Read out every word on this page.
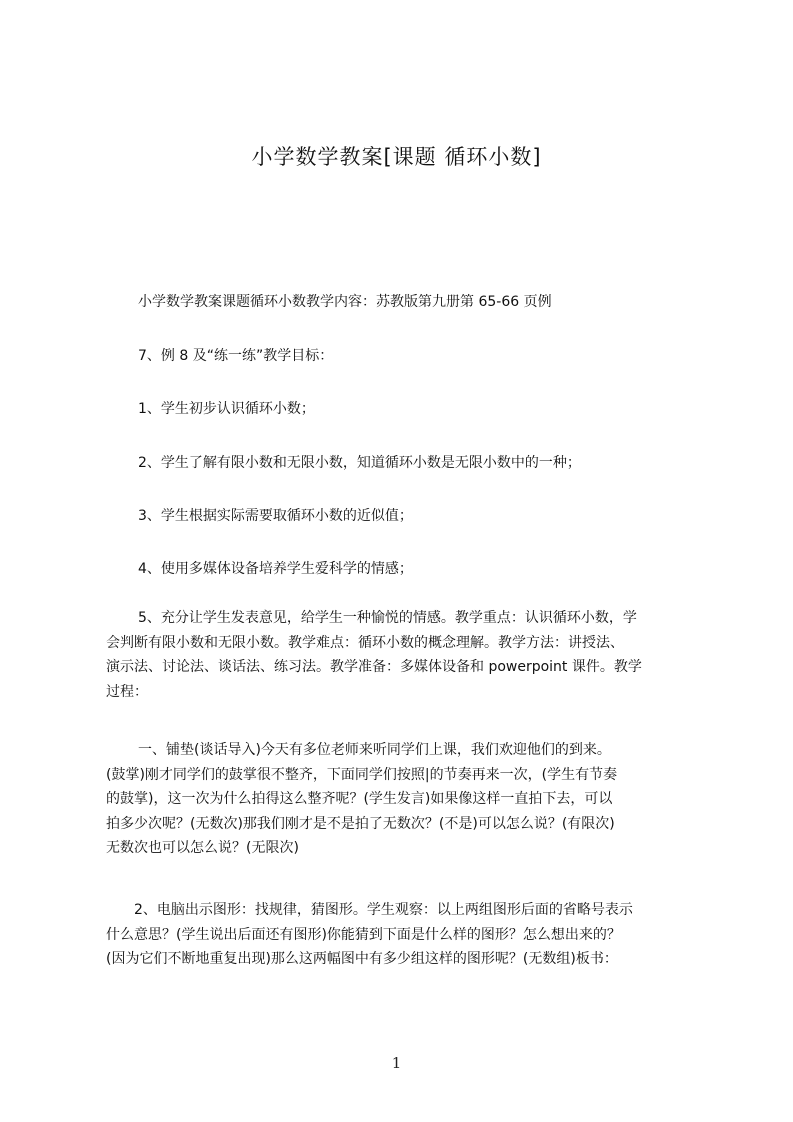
小学数学教案[课题 循环小数]
小学数学教案课题循环小数教学内容：苏教版第九册第 65-66 页例
7、例 8 及“练一练”教学目标：
1、学生初步认识循环小数；
2、学生了解有限小数和无限小数，知道循环小数是无限小数中的一种；
3、学生根据实际需要取循环小数的近似值；
4、使用多媒体设备培养学生爱科学的情感；
5、充分让学生发表意见，给学生一种愉悦的情感。教学重点：认识循环小数，学
会判断有限小数和无限小数。教学难点：循环小数的概念理解。教学方法：讲授法、
演示法、讨论法、谈话法、练习法。教学准备：多媒体设备和 powerpoint 课件。教学
过程：
一、铺垫(谈话导入)今天有多位老师来听同学们上课，我们欢迎他们的到来。
(鼓掌)刚才同学们的鼓掌很不整齐，下面同学们按照|的节奏再来一次，(学生有节奏
的鼓掌)，这一次为什么拍得这么整齐呢？(学生发言)如果像这样一直拍下去，可以
拍多少次呢？(无数次)那我们刚才是不是拍了无数次？(不是)可以怎么说？(有限次)
无数次也可以怎么说？(无限次)
2、电脑出示图形：找规律，猜图形。学生观察：以上两组图形后面的省略号表示
什么意思？(学生说出后面还有图形)你能猜到下面是什么样的图形？怎么想出来的？
(因为它们不断地重复出现)那么这两幅图中有多少组这样的图形呢？(无数组)板书：
1
